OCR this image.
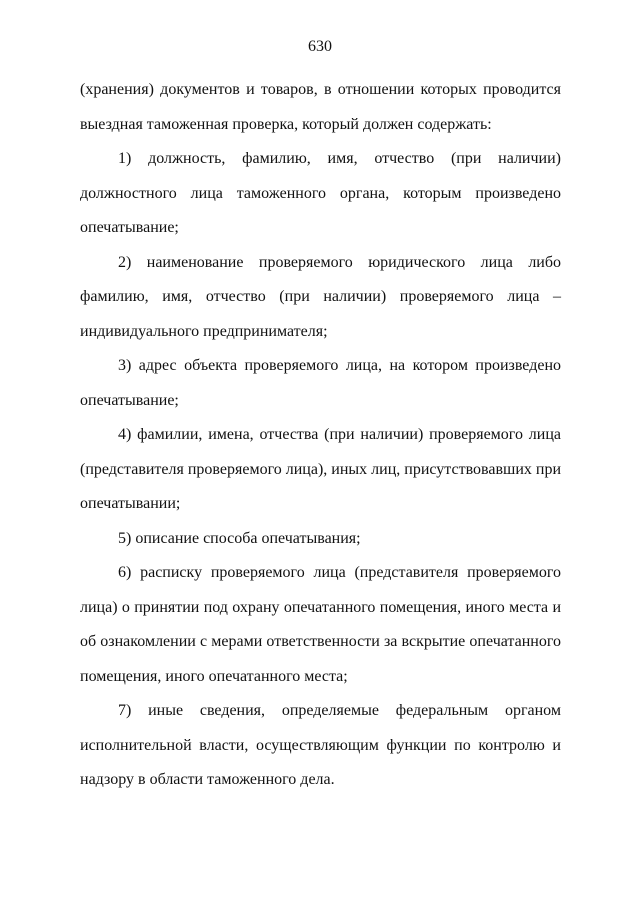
630

(хранения) документов и товаров, в отношении которых проводится выездная таможенная проверка, который должен содержать:

1) должность, фамилию, имя, отчество (при наличии) должностного лица таможенного органа, которым произведено опечатывание;

2) наименование проверяемого юридического лица либо фамилию, имя, отчество (при наличии) проверяемого лица – индивидуального предпринимателя;

3) адрес объекта проверяемого лица, на котором произведено опечатывание;

4) фамилии, имена, отчества (при наличии) проверяемого лица (представителя проверяемого лица), иных лиц, присутствовавших при опечатывании;

5) описание способа опечатывания;

6) расписку проверяемого лица (представителя проверяемого лица) о принятии под охрану опечатанного помещения, иного места и об ознакомлении с мерами ответственности за вскрытие опечатанного помещения, иного опечатанного места;

7) иные сведения, определяемые федеральным органом исполнительной власти, осуществляющим функции по контролю и надзору в области таможенного дела.
